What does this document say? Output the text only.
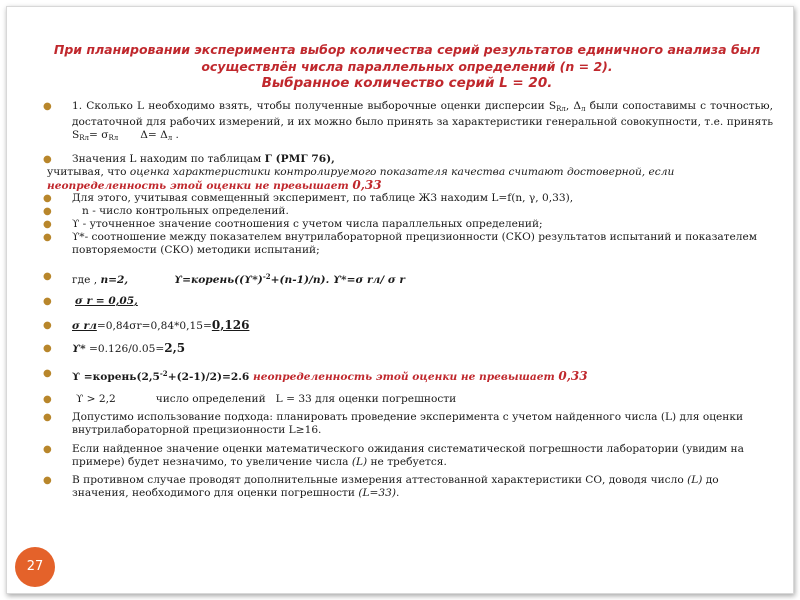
При планировании эксперимента выбор количества серий результатов единичного анализа был
осуществлён числа параллельных определений (n = 2).
Выбранное количество серий L = 20.
● 1. Сколько L необходимо взять, чтобы полученные выборочные оценки дисперсии $S_{Rл}$, $\Delta_л$ были сопоставимы с точностью, достаточной для рабочих измерений, и их можно было принять за характеристики генеральной совокупности, т.е. принять $S_{Rл}= \sigma_{Rл}$ $\Delta= \Delta_л$ .
● Значения L находим по таблицам Г (РМГ 76),
учитывая, что оценка характеристики контролируемого показателя качества считают достоверной, если неопределенность этой оценки не превышает 0,33
● Для этого, учитывая совмещенный эксперимент, по таблице Ж3 находим L=f(n, γ, 0,33),
●	n - число контрольных определений.
● ϒ - уточненное значение соотношения с учетом числа параллельных определений;
● ϒ*- соотношение между показателем внутрилабораторной прецизионности (СКО) результатов испытаний и показателем повторяемости (СКО) методики испытаний;
● где , n=2,	$ϒ=корень((ϒ*)^{-2}+(n-1)/n)$. ϒ*=σ rл/ σ r
● σ r = 0,05,
● σ rл=0,84σr=0,84*0,15=0,126
● ϒ* =0.126/0.05=2,5
● $ϒ =корень(2,5^{-2}+(2-1)/2)=2.6$ неопределенность этой оценки не превышает 0,33
●	ϒ > 2,2	число определений L = 33 для оценки погрешности
● Допустимо использование подхода: планировать проведение эксперимента с учетом найденного числа (L) для оценки внутрилабораторной прецизионности L≥16.
● Если найденное значение оценки математического ожидания систематической погрешности лаборатории (увидим на примере) будет незначимо, то увеличение числа (L) не требуется.
● В противном случае проводят дополнительные измерения аттестованной характеристики СО, доводя число (L) до значения, необходимого для оценки погрешности (L=33).
27
